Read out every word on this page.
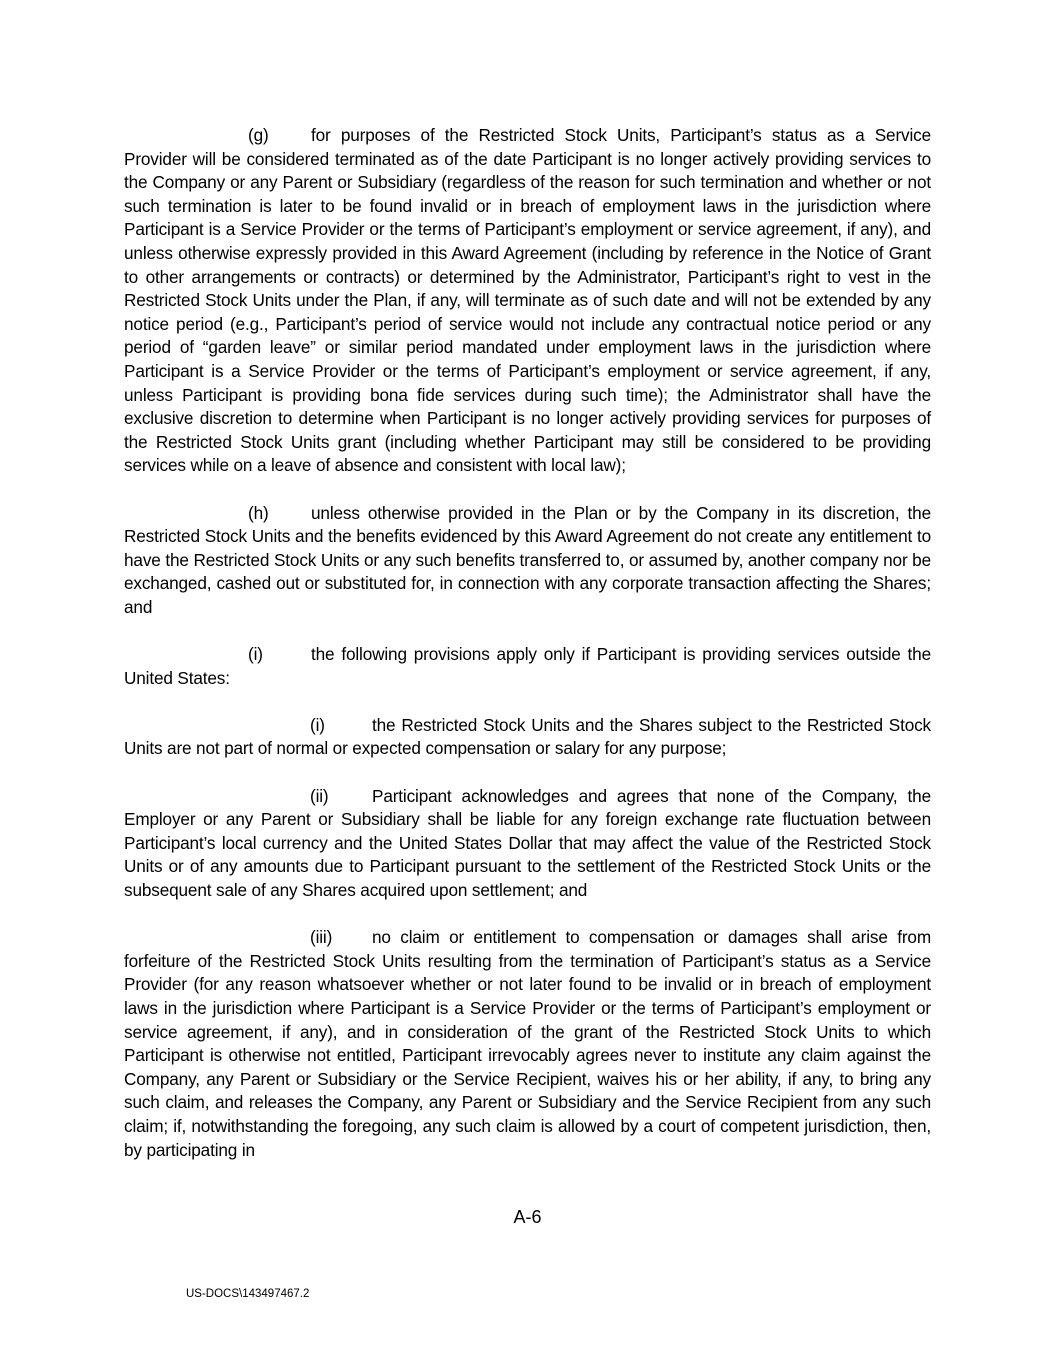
(g) for purposes of the Restricted Stock Units, Participant’s status as a Service Provider will be considered terminated as of the date Participant is no longer actively providing services to the Company or any Parent or Subsidiary (regardless of the reason for such termination and whether or not such termination is later to be found invalid or in breach of employment laws in the jurisdiction where Participant is a Service Provider or the terms of Participant’s employment or service agreement, if any), and unless otherwise expressly provided in this Award Agreement (including by reference in the Notice of Grant to other arrangements or contracts) or determined by the Administrator, Participant’s right to vest in the Restricted Stock Units under the Plan, if any, will terminate as of such date and will not be extended by any notice period (e.g., Participant’s period of service would not include any contractual notice period or any period of “garden leave” or similar period mandated under employment laws in the jurisdiction where Participant is a Service Provider or the terms of Participant’s employment or service agreement, if any, unless Participant is providing bona fide services during such time); the Administrator shall have the exclusive discretion to determine when Participant is no longer actively providing services for purposes of the Restricted Stock Units grant (including whether Participant may still be considered to be providing services while on a leave of absence and consistent with local law);

(h) unless otherwise provided in the Plan or by the Company in its discretion, the Restricted Stock Units and the benefits evidenced by this Award Agreement do not create any entitlement to have the Restricted Stock Units or any such benefits transferred to, or assumed by, another company nor be exchanged, cashed out or substituted for, in connection with any corporate transaction affecting the Shares; and

(i)	the following provisions apply only if Participant is providing services outside the United States:

(i)	the Restricted Stock Units and the Shares subject to the Restricted Stock Units are not part of normal or expected compensation or salary for any purpose;

(ii)	Participant acknowledges and agrees that none of the Company, the Employer or any Parent or Subsidiary shall be liable for any foreign exchange rate fluctuation between Participant’s local currency and the United States Dollar that may affect the value of the Restricted Stock Units or of any amounts due to Participant pursuant to the settlement of the Restricted Stock Units or the subsequent sale of any Shares acquired upon settlement; and

(iii) no claim or entitlement to compensation or damages shall arise from forfeiture of the Restricted Stock Units resulting from the termination of Participant’s status as a Service Provider (for any reason whatsoever whether or not later found to be invalid or in breach of employment laws in the jurisdiction where Participant is a Service Provider or the terms of Participant’s employment or service agreement, if any), and in consideration of the grant of the Restricted Stock Units to which Participant is otherwise not entitled, Participant irrevocably agrees never to institute any claim against the Company, any Parent or Subsidiary or the Service Recipient, waives his or her ability, if any, to bring any such claim, and releases the Company, any Parent or Subsidiary and the Service Recipient from any such claim; if, notwithstanding the foregoing, any such claim is allowed by a court of competent jurisdiction, then, by participating in

A-6
US-DOCS\143497467.2
